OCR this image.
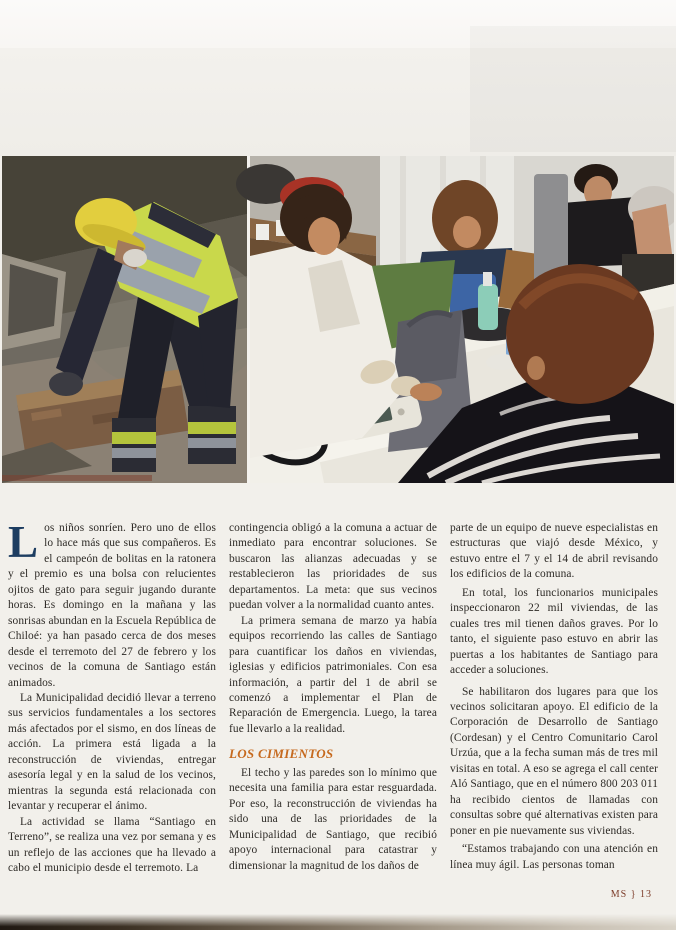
Los niños sonríen. Pero uno de ellos lo hace más que sus compañeros. Es el campeón de bolitas en la ratonera y el premio es una bolsa con relucientes ojitos de gato para seguir jugando durante horas. Es domingo en la mañana y las sonrisas abundan en la Escuela República de Chiloé: ya han pasado cerca de dos meses desde el terremoto del 27 de febrero y los vecinos de la comuna de Santiago están animados.

La Municipalidad decidió llevar a terreno sus servicios fundamentales a los sectores más afectados por el sismo, en dos líneas de acción. La primera está ligada a la reconstrucción de viviendas, entregar asesoría legal y en la salud de los vecinos, mientras la segunda está relacionada con levantar y recuperar el ánimo.

La actividad se llama “Santiago en Terreno”, se realiza una vez por semana y es un reflejo de las acciones que ha llevado a cabo el municipio desde el terremoto. La

contingencia obligó a la comuna a actuar de inmediato para encontrar soluciones. Se buscaron las alianzas adecuadas y se restablecieron las prioridades de sus departamentos. La meta: que sus vecinos puedan volver a la normalidad cuanto antes.

La primera semana de marzo ya había equipos recorriendo las calles de Santiago para cuantificar los daños en viviendas, iglesias y edificios patrimoniales. Con esa información, a partir del 1 de abril se comenzó a implementar el Plan de Reparación de Emergencia. Luego, la tarea fue llevarlo a la realidad.

LOS CIMIENTOS

El techo y las paredes son lo mínimo que necesita una familia para estar resguardada. Por eso, la reconstrucción de viviendas ha sido una de las prioridades de la Municipalidad de Santiago, que recibió apoyo internacional para catastrar y dimensionar la magnitud de los daños de

parte de un equipo de nueve especialistas en estructuras que viajó desde México, y estuvo entre el 7 y el 14 de abril revisando los edificios de la comuna.

En total, los funcionarios municipales inspeccionaron 22 mil viviendas, de las cuales tres mil tienen daños graves. Por lo tanto, el siguiente paso estuvo en abrir las puertas a los habitantes de Santiago para acceder a soluciones.

Se habilitaron dos lugares para que los vecinos solicitaran apoyo. El edificio de la Corporación de Desarrollo de Santiago (Cordesan) y el Centro Comunitario Carol Urzúa, que a la fecha suman más de tres mil visitas en total. A eso se agrega el call center Aló Santiago, que en el número 800 203 011 ha recibido cientos de llamadas con consultas sobre qué alternativas existen para poner en pie nuevamente sus viviendas.

“Estamos trabajando con una atención en línea muy ágil. Las personas toman

MS } 13
